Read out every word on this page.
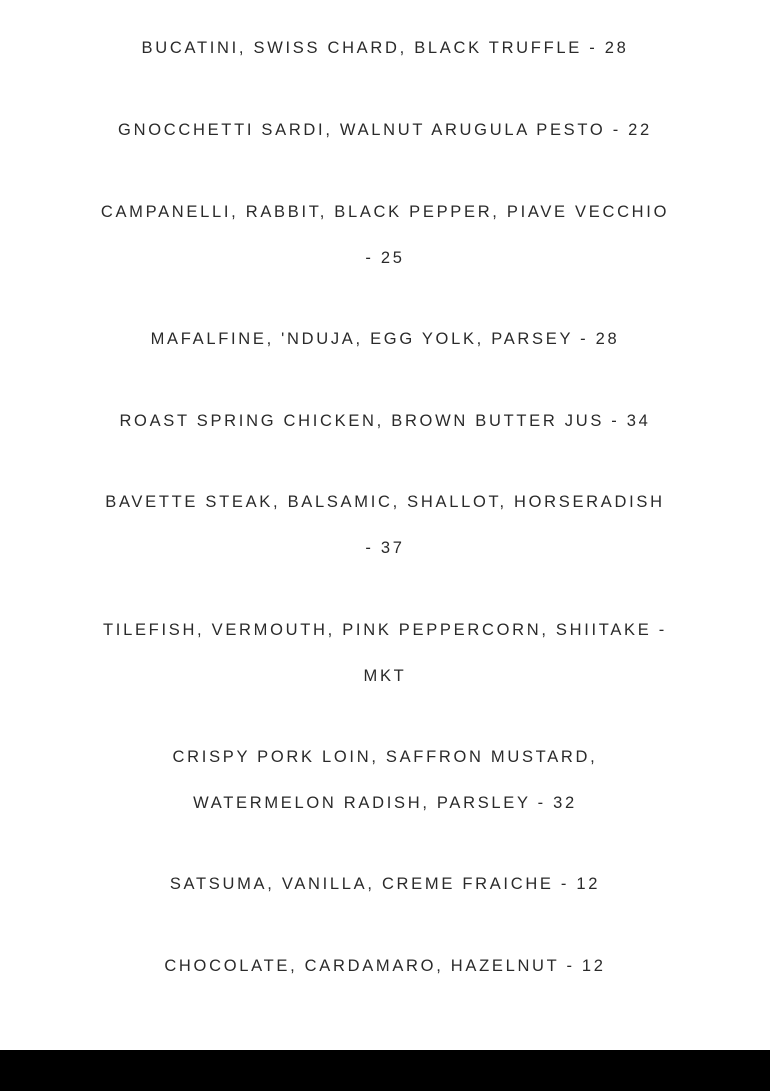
BUCATINI, SWISS CHARD, BLACK TRUFFLE - 28
GNOCCHETTI SARDI, WALNUT ARUGULA PESTO - 22
CAMPANELLI, RABBIT, BLACK PEPPER, PIAVE VECCHIO
- 25
MAFALFINE, 'NDUJA, EGG YOLK, PARSEY - 28
ROAST SPRING CHICKEN, BROWN BUTTER JUS - 34
BAVETTE STEAK, BALSAMIC, SHALLOT, HORSERADISH
- 37
TILEFISH, VERMOUTH, PINK PEPPERCORN, SHIITAKE -
MKT
CRISPY PORK LOIN, SAFFRON MUSTARD,
WATERMELON RADISH, PARSLEY - 32
SATSUMA, VANILLA, CREME FRAICHE - 12
CHOCOLATE, CARDAMARO, HAZELNUT - 12
